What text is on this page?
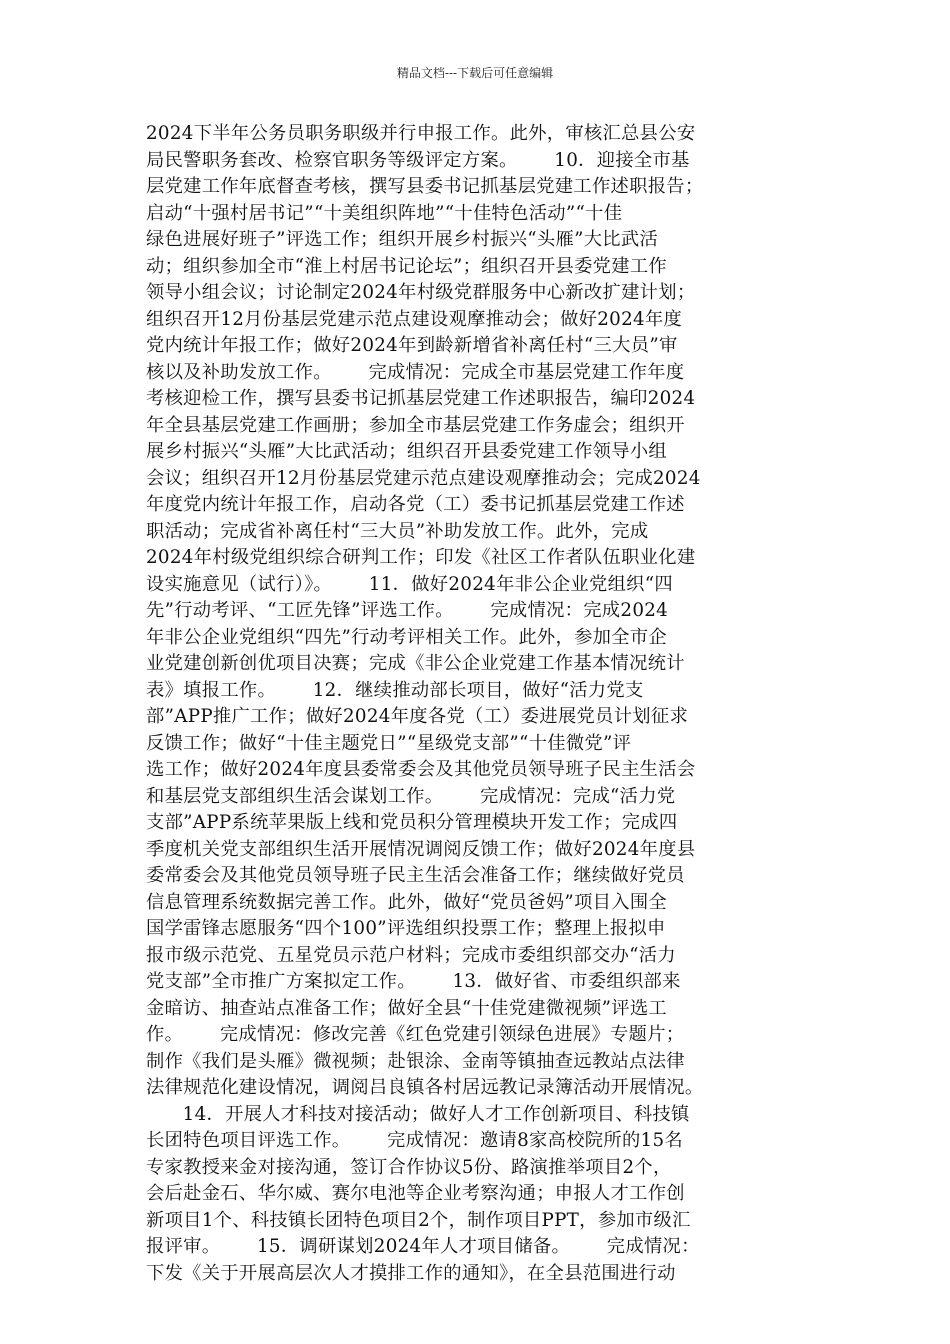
精品文档---下载后可任意编辑
2024下半年公务员职务职级并行申报工作。此外，审核汇总县公安
局民警职务套改、检察官职务等级评定方案。      10．迎接全市基
层党建工作年底督查考核，撰写县委书记抓基层党建工作述职报告；
启动“十强村居书记”“十美组织阵地”“十佳特色活动”“十佳
绿色进展好班子”评选工作；组织开展乡村振兴“头雁”大比武活
动；组织参加全市“淮上村居书记论坛”；组织召开县委党建工作
领导小组会议；讨论制定2024年村级党群服务中心新改扩建计划；
组织召开12月份基层党建示范点建设观摩推动会；做好2024年度
党内统计年报工作；做好2024年到龄新增省补离任村“三大员”审
核以及补助发放工作。      完成情况：完成全市基层党建工作年度
考核迎检工作，撰写县委书记抓基层党建工作述职报告，编印2024
年全县基层党建工作画册；参加全市基层党建工作务虚会；组织开
展乡村振兴“头雁”大比武活动；组织召开县委党建工作领导小组
会议；组织召开12月份基层党建示范点建设观摩推动会；完成2024
年度党内统计年报工作，启动各党（工）委书记抓基层党建工作述
职活动；完成省补离任村“三大员”补助发放工作。此外，完成
2024年村级党组织综合研判工作；印发《社区工作者队伍职业化建
设实施意见（试行）》。      11．做好2024年非公企业党组织“四
先”行动考评、“工匠先锋”评选工作。      完成情况：完成2024
年非公企业党组织“四先”行动考评相关工作。此外，参加全市企
业党建创新创优项目决赛；完成《非公企业党建工作基本情况统计
表》填报工作。      12．继续推动部长项目，做好“活力党支
部”APP推广工作；做好2024年度各党（工）委进展党员计划征求
反馈工作；做好“十佳主题党日”“星级党支部”“十佳微党”评
选工作；做好2024年度县委常委会及其他党员领导班子民主生活会
和基层党支部组织生活会谋划工作。      完成情况：完成“活力党
支部”APP系统苹果版上线和党员积分管理模块开发工作；完成四
季度机关党支部组织生活开展情况调阅反馈工作；做好2024年度县
委常委会及其他党员领导班子民主生活会准备工作；继续做好党员
信息管理系统数据完善工作。此外，做好“党员爸妈”项目入围全
国学雷锋志愿服务“四个100”评选组织投票工作；整理上报拟申
报市级示范党、五星党员示范户材料；完成市委组织部交办“活力
党支部”全市推广方案拟定工作。      13．做好省、市委组织部来
金暗访、抽查站点准备工作；做好全县“十佳党建微视频”评选工
作。      完成情况：修改完善《红色党建引领绿色进展》专题片；
制作《我们是头雁》微视频；赴银涂、金南等镇抽查远教站点法律
法律规范化建设情况，调阅吕良镇各村居远教记录簿活动开展情况。
14．开展人才科技对接活动；做好人才工作创新项目、科技镇
长团特色项目评选工作。      完成情况：邀请8家高校院所的15名
专家教授来金对接沟通，签订合作协议5份、路演推举项目2个，
会后赴金石、华尔威、赛尔电池等企业考察沟通；申报人才工作创
新项目1个、科技镇长团特色项目2个，制作项目PPT，参加市级汇
报评审。      15．调研谋划2024年人才项目储备。      完成情况：
下发《关于开展高层次人才摸排工作的通知》，在全县范围进行动
